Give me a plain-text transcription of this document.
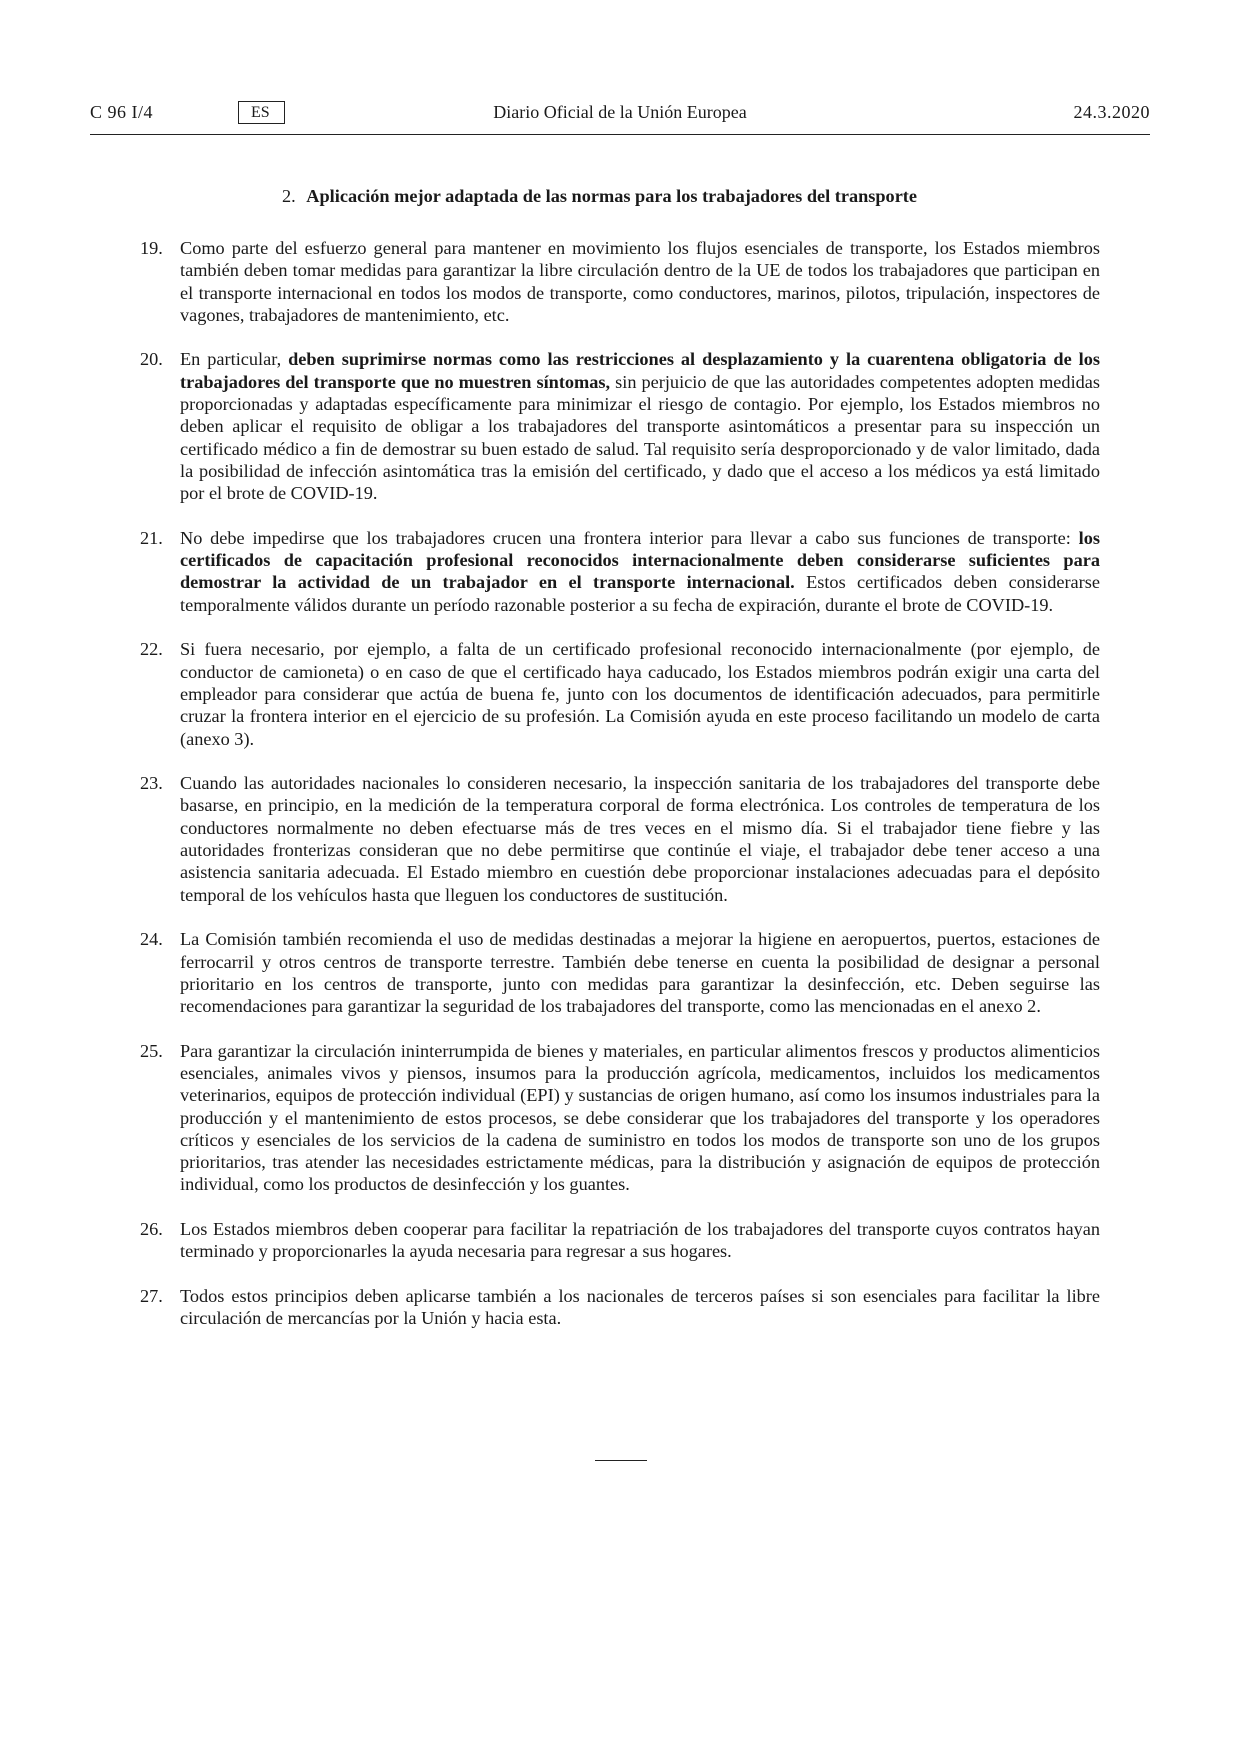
C 96 I/4	ES	Diario Oficial de la Unión Europea	24.3.2020
2. Aplicación mejor adaptada de las normas para los trabajadores del transporte
19. Como parte del esfuerzo general para mantener en movimiento los flujos esenciales de transporte, los Estados miembros también deben tomar medidas para garantizar la libre circulación dentro de la UE de todos los trabajadores que participan en el transporte internacional en todos los modos de transporte, como conductores, marinos, pilotos, tripulación, inspectores de vagones, trabajadores de mantenimiento, etc.
20. En particular, deben suprimirse normas como las restricciones al desplazamiento y la cuarentena obligatoria de los trabajadores del transporte que no muestren síntomas, sin perjuicio de que las autoridades competentes adopten medidas proporcionadas y adaptadas específicamente para minimizar el riesgo de contagio. Por ejemplo, los Estados miembros no deben aplicar el requisito de obligar a los trabajadores del transporte asintomáticos a presentar para su inspección un certificado médico a fin de demostrar su buen estado de salud. Tal requisito sería desproporcionado y de valor limitado, dada la posibilidad de infección asintomática tras la emisión del certificado, y dado que el acceso a los médicos ya está limitado por el brote de COVID-19.
21. No debe impedirse que los trabajadores crucen una frontera interior para llevar a cabo sus funciones de transporte: los certificados de capacitación profesional reconocidos internacionalmente deben considerarse suficientes para demostrar la actividad de un trabajador en el transporte internacional. Estos certificados deben considerarse temporalmente válidos durante un período razonable posterior a su fecha de expiración, durante el brote de COVID-19.
22. Si fuera necesario, por ejemplo, a falta de un certificado profesional reconocido internacionalmente (por ejemplo, de conductor de camioneta) o en caso de que el certificado haya caducado, los Estados miembros podrán exigir una carta del empleador para considerar que actúa de buena fe, junto con los documentos de identificación adecuados, para permitirle cruzar la frontera interior en el ejercicio de su profesión. La Comisión ayuda en este proceso facilitando un modelo de carta (anexo 3).
23. Cuando las autoridades nacionales lo consideren necesario, la inspección sanitaria de los trabajadores del transporte debe basarse, en principio, en la medición de la temperatura corporal de forma electrónica. Los controles de temperatura de los conductores normalmente no deben efectuarse más de tres veces en el mismo día. Si el trabajador tiene fiebre y las autoridades fronterizas consideran que no debe permitirse que continúe el viaje, el trabajador debe tener acceso a una asistencia sanitaria adecuada. El Estado miembro en cuestión debe proporcionar instalaciones adecuadas para el depósito temporal de los vehículos hasta que lleguen los conductores de sustitución.
24. La Comisión también recomienda el uso de medidas destinadas a mejorar la higiene en aeropuertos, puertos, estaciones de ferrocarril y otros centros de transporte terrestre. También debe tenerse en cuenta la posibilidad de designar a personal prioritario en los centros de transporte, junto con medidas para garantizar la desinfección, etc. Deben seguirse las recomendaciones para garantizar la seguridad de los trabajadores del transporte, como las mencionadas en el anexo 2.
25. Para garantizar la circulación ininterrumpida de bienes y materiales, en particular alimentos frescos y productos alimenticios esenciales, animales vivos y piensos, insumos para la producción agrícola, medicamentos, incluidos los medicamentos veterinarios, equipos de protección individual (EPI) y sustancias de origen humano, así como los insumos industriales para la producción y el mantenimiento de estos procesos, se debe considerar que los trabajadores del transporte y los operadores críticos y esenciales de los servicios de la cadena de suministro en todos los modos de transporte son uno de los grupos prioritarios, tras atender las necesidades estrictamente médicas, para la distribución y asignación de equipos de protección individual, como los productos de desinfección y los guantes.
26. Los Estados miembros deben cooperar para facilitar la repatriación de los trabajadores del transporte cuyos contratos hayan terminado y proporcionarles la ayuda necesaria para regresar a sus hogares.
27. Todos estos principios deben aplicarse también a los nacionales de terceros países si son esenciales para facilitar la libre circulación de mercancías por la Unión y hacia esta.
